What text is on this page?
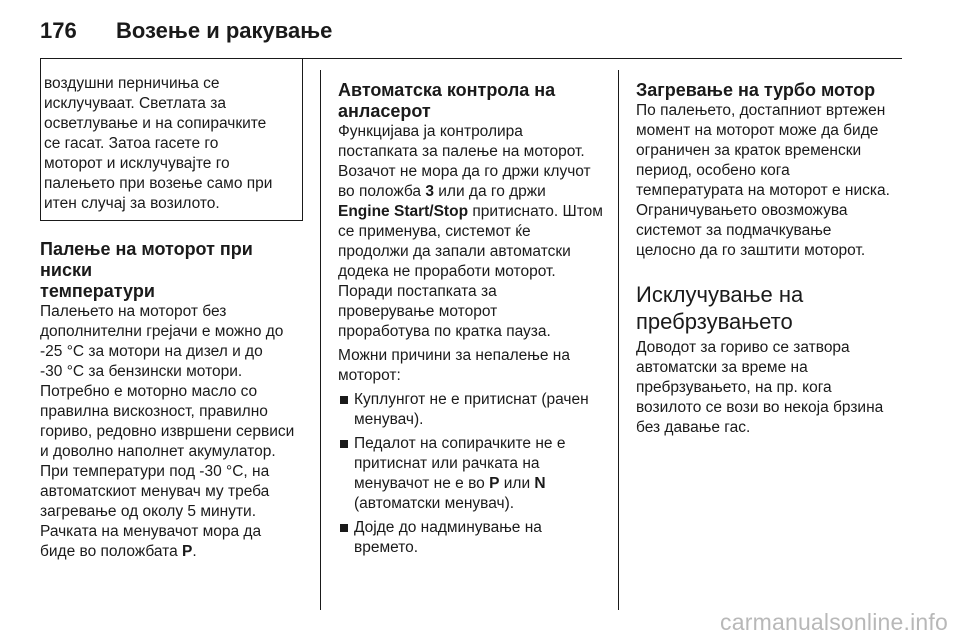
176 Возење и ракување

воздушни перничиња се

исклучуваат. Светлата за

осветлување и на сопирачките

се гасат. Затоа гасете го

моторот и исклучувајте го

палењето при возење само при

итен случај за возилото.

Палење на моторот при ниски

температури

Палењето на моторот без

дополнителни грејачи е можно до

-25 °C за мотори на дизел и до

-30 °C за бензински мотори.

Потребно е моторно масло со

правилна вискозност, правилно

гориво, редовно извршени сервиси

и доволно наполнет акумулатор.

При температури под -30 °C, на

автоматскиот менувач му треба

загревање од околу 5 минути.

Рачката на менувачот мора да

биде во положбата P.

Автоматска контрола на

анласерот

Функцијава ја контролира

постапката за палење на моторот.

Возачот не мора да го држи клучот

во положба 3 или да го држи

Engine Start/Stop притиснато. Штом

се применува, системот ќе

продолжи да запали автоматски

додека не проработи моторот.

Поради постапката за

проверување моторот

проработува по кратка пауза.

Можни причини за непалење на

моторот:

Куплунгот не е притиснат (рачен

менувач).

Педалот на сопирачките не е

притиснат или рачката на

менувачот не е во P или N

(автоматски менувач).

Дојде до надминување на

времето.

Загревање на турбо мотор

По палењето, достапниот вртежен

момент на моторот може да биде

ограничен за краток временски

период, особено кога

температурата на моторот е ниска.

Ограничувањето овозможува

системот за подмачкување

целосно да го заштити моторот.

Исклучување на

пребрзувањето

Доводот за гориво се затвора

автоматски за време на

пребрзувањето, на пр. кога

возилото се вози во некоја брзина

без давање гас.

carmanualsonline.info
